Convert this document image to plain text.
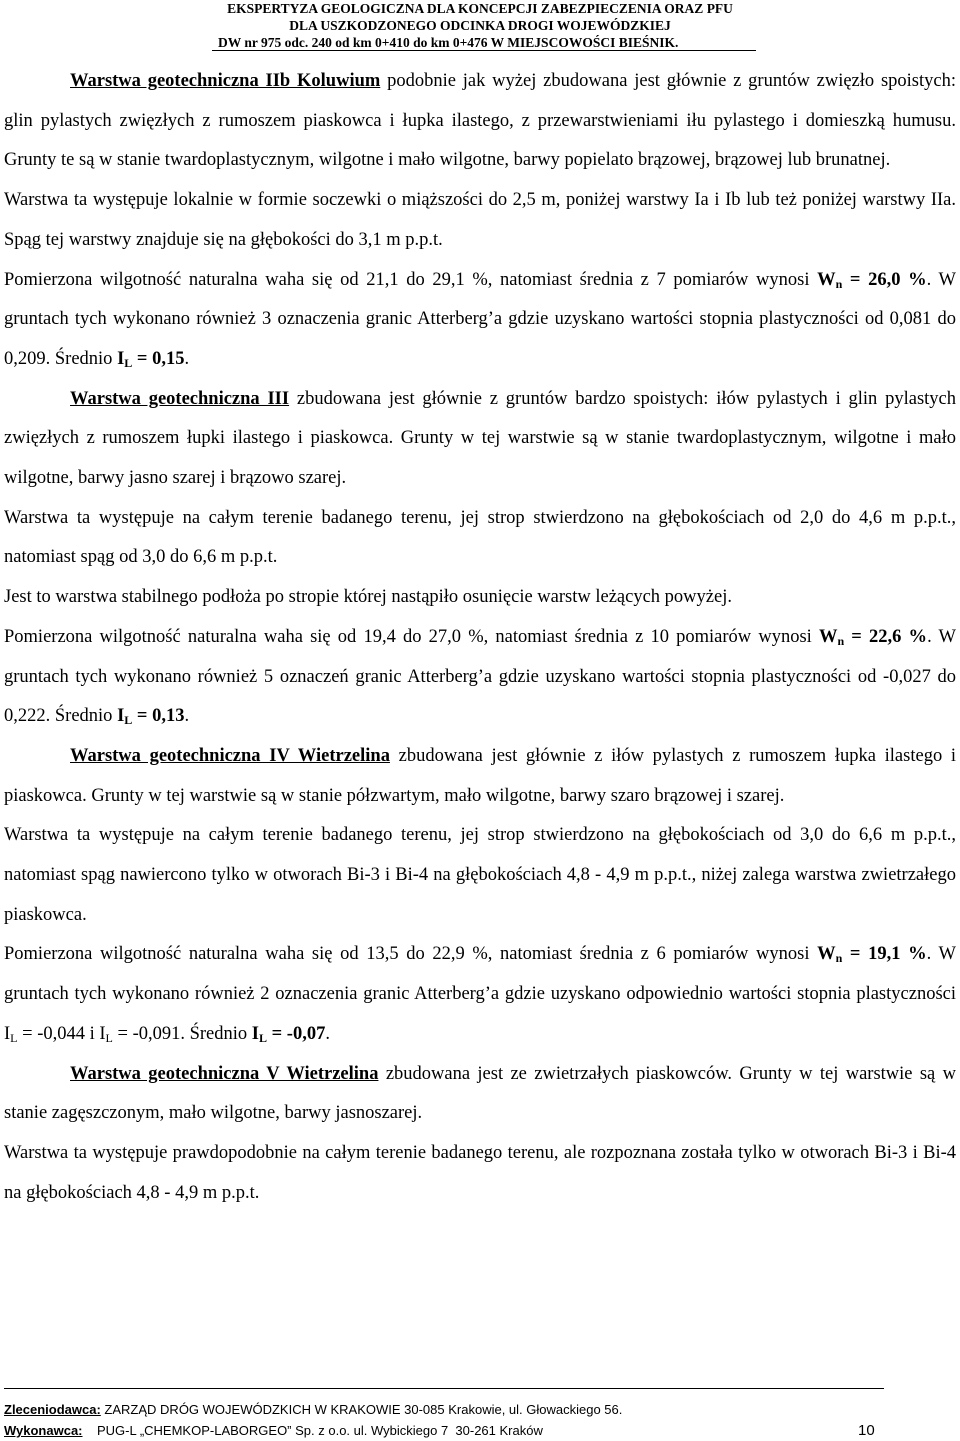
EKSPERTYZA GEOLOGICZNA DLA KONCEPCJI ZABEZPIECZENIA ORAZ PFU
DLA USZKODZONEGO ODCINKA DROGI WOJEWÓDZKIEJ
DW nr 975 odc. 240 od km 0+410 do km 0+476 W MIEJSCOWOŚCI BIEŚNIK.

Warstwa geotechniczna IIb Koluwium podobnie jak wyżej zbudowana jest głównie z gruntów zwięzło spoistych: glin pylastych zwięzłych z rumoszem piaskowca i łupka ilastego, z przewarstwieniami iłu pylastego i domieszką humusu. Grunty te są w stanie twardoplastycznym, wilgotne i mało wilgotne, barwy popielato brązowej, brązowej lub brunatnej.

Warstwa ta występuje lokalnie w formie soczewki o miąższości do 2,5 m, poniżej warstwy Ia i Ib lub też poniżej warstwy IIa. Spąg tej warstwy znajduje się na głębokości do 3,1 m p.p.t.

Pomierzona wilgotność naturalna waha się od 21,1 do 29,1 %, natomiast średnia z 7 pomiarów wynosi $W_n = 26,0$ %. W gruntach tych wykonano również 3 oznaczenia granic Atterberg’a gdzie uzyskano wartości stopnia plastyczności od 0,081 do 0,209. Średnio $I_L = 0,15$.

Warstwa geotechniczna III zbudowana jest głównie z gruntów bardzo spoistych: iłów pylastych i glin pylastych zwięzłych z rumoszem łupki ilastego i piaskowca. Grunty w tej warstwie są w stanie twardoplastycznym, wilgotne i mało wilgotne, barwy jasno szarej i brązowo szarej.

Warstwa ta występuje na całym terenie badanego terenu, jej strop stwierdzono na głębokościach od 2,0 do 4,6 m p.p.t., natomiast spąg od 3,0 do 6,6 m p.p.t.

Jest to warstwa stabilnego podłoża po stropie której nastąpiło osunięcie warstw leżących powyżej.

Pomierzona wilgotność naturalna waha się od 19,4 do 27,0 %, natomiast średnia z 10 pomiarów wynosi $W_n = 22,6$ %. W gruntach tych wykonano również 5 oznaczeń granic Atterberg’a gdzie uzyskano wartości stopnia plastyczności od -0,027 do 0,222. Średnio $I_L = 0,13$.

Warstwa geotechniczna IV Wietrzelina zbudowana jest głównie z iłów pylastych z rumoszem łupka ilastego i piaskowca. Grunty w tej warstwie są w stanie półzwartym, mało wilgotne, barwy szaro brązowej i szarej.

Warstwa ta występuje na całym terenie badanego terenu, jej strop stwierdzono na głębokościach od 3,0 do 6,6 m p.p.t., natomiast spąg nawiercono tylko w otworach Bi-3 i Bi-4 na głębokościach 4,8 - 4,9 m p.p.t., niżej zalega warstwa zwietrzałego piaskowca.

Pomierzona wilgotność naturalna waha się od 13,5 do 22,9 %, natomiast średnia z 6 pomiarów wynosi $W_n = 19,1$ %. W gruntach tych wykonano również 2 oznaczenia granic Atterberg’a gdzie uzyskano odpowiednio wartości stopnia plastyczności $I_L = -0,044$ i $I_L = -0,091$. Średnio $I_L = -0,07$.

Warstwa geotechniczna V Wietrzelina zbudowana jest ze zwietrzałych piaskowców. Grunty w tej warstwie są w stanie zagęszczonym, mało wilgotne, barwy jasnoszarej.

Warstwa ta występuje prawdopodobnie na całym terenie badanego terenu, ale rozpoznana została tylko w otworach Bi-3 i Bi-4 na głębokościach 4,8 - 4,9 m p.p.t.

Zleceniodawca: ZARZĄD DRÓG WOJEWÓDZKICH W KRAKOWIE 30-085 Krakowie, ul. Głowackiego 56.
Wykonawca:    PUG-L „CHEMKOP-LABORGEO” Sp. z o.o. ul. Wybickiego 7  30-261 Kraków	10
